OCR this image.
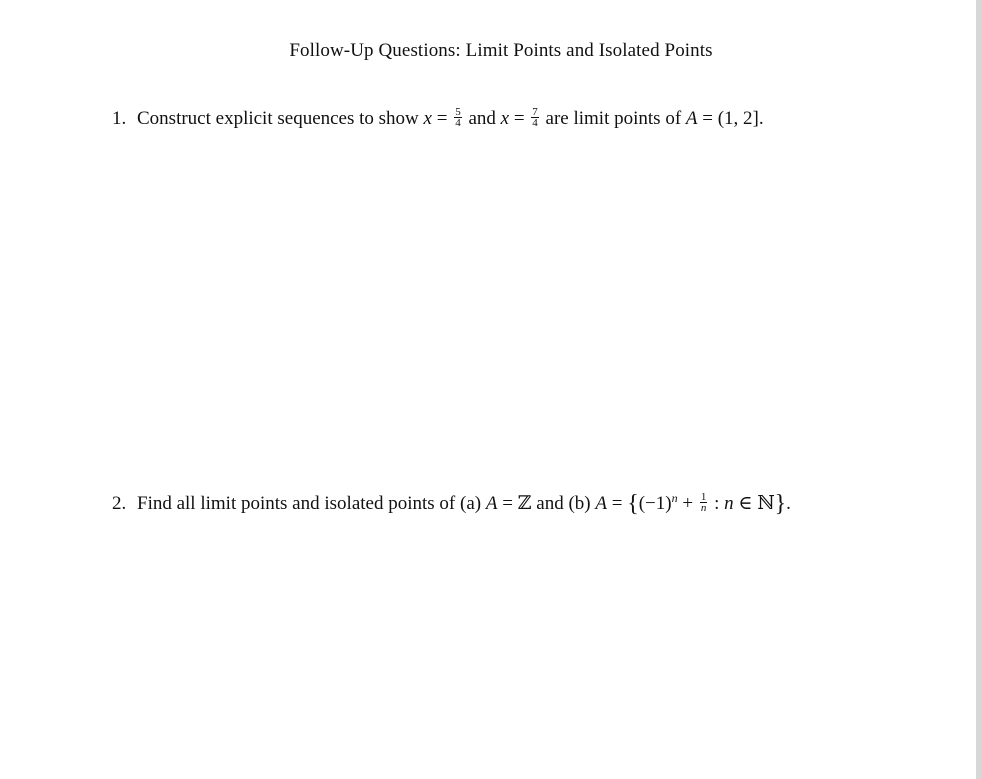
Follow-Up Questions: Limit Points and Isolated Points
1. Construct explicit sequences to show $x = \frac{5}{4}$ and $x = \frac{7}{4}$ are limit points of A = (1, 2].
2. Find all limit points and isolated points of (a) A = ℤ and (b) $A = \{(-1)^n + \frac{1}{n}$ : n ∈ ℕ}.
